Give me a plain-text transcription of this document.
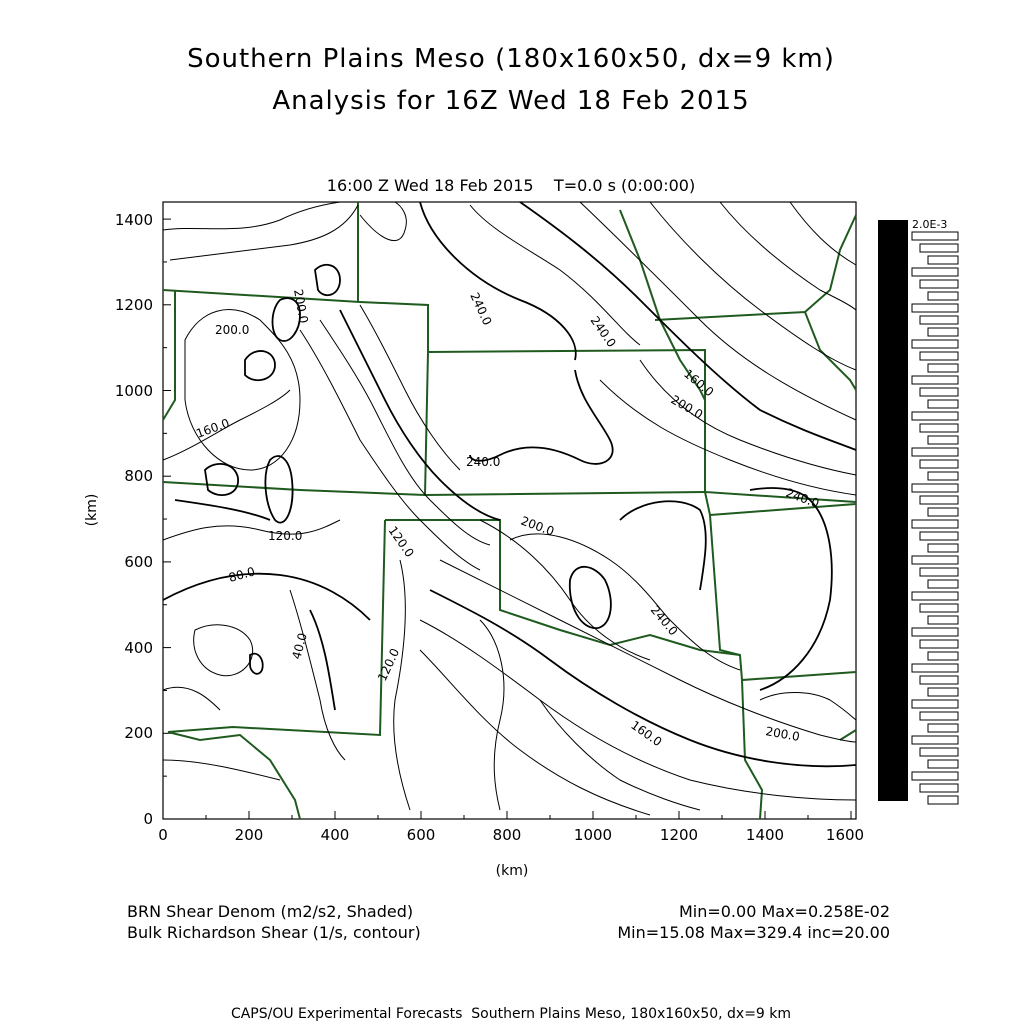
Southern Plains Meso (180x160x50, dx=9 km)
Analysis for 16Z Wed 18 Feb 2015
16:00 Z Wed 18 Feb 2015    T=0.0 s (0:00:00)
200.0	240.0
240.0
200.0
160.0
240.0
120.0
80.0
40.0
120.0
120.0
200.0
240.0
160.0	200.0
200.0
240.0
160.0
0	200	400	600	800	1000	1200	1400	1600
0
200
400
600
800
1000
1200
1400
(km)
(km)
2.0E-3
BRN Shear Denom (m2/s2, Shaded)
Bulk Richardson Shear (1/s, contour)
Min=0.00 Max=0.258E-02
Min=15.08 Max=329.4 inc=20.00
CAPS/OU Experimental Forecasts  Southern Plains Meso, 180x160x50, dx=9 km
